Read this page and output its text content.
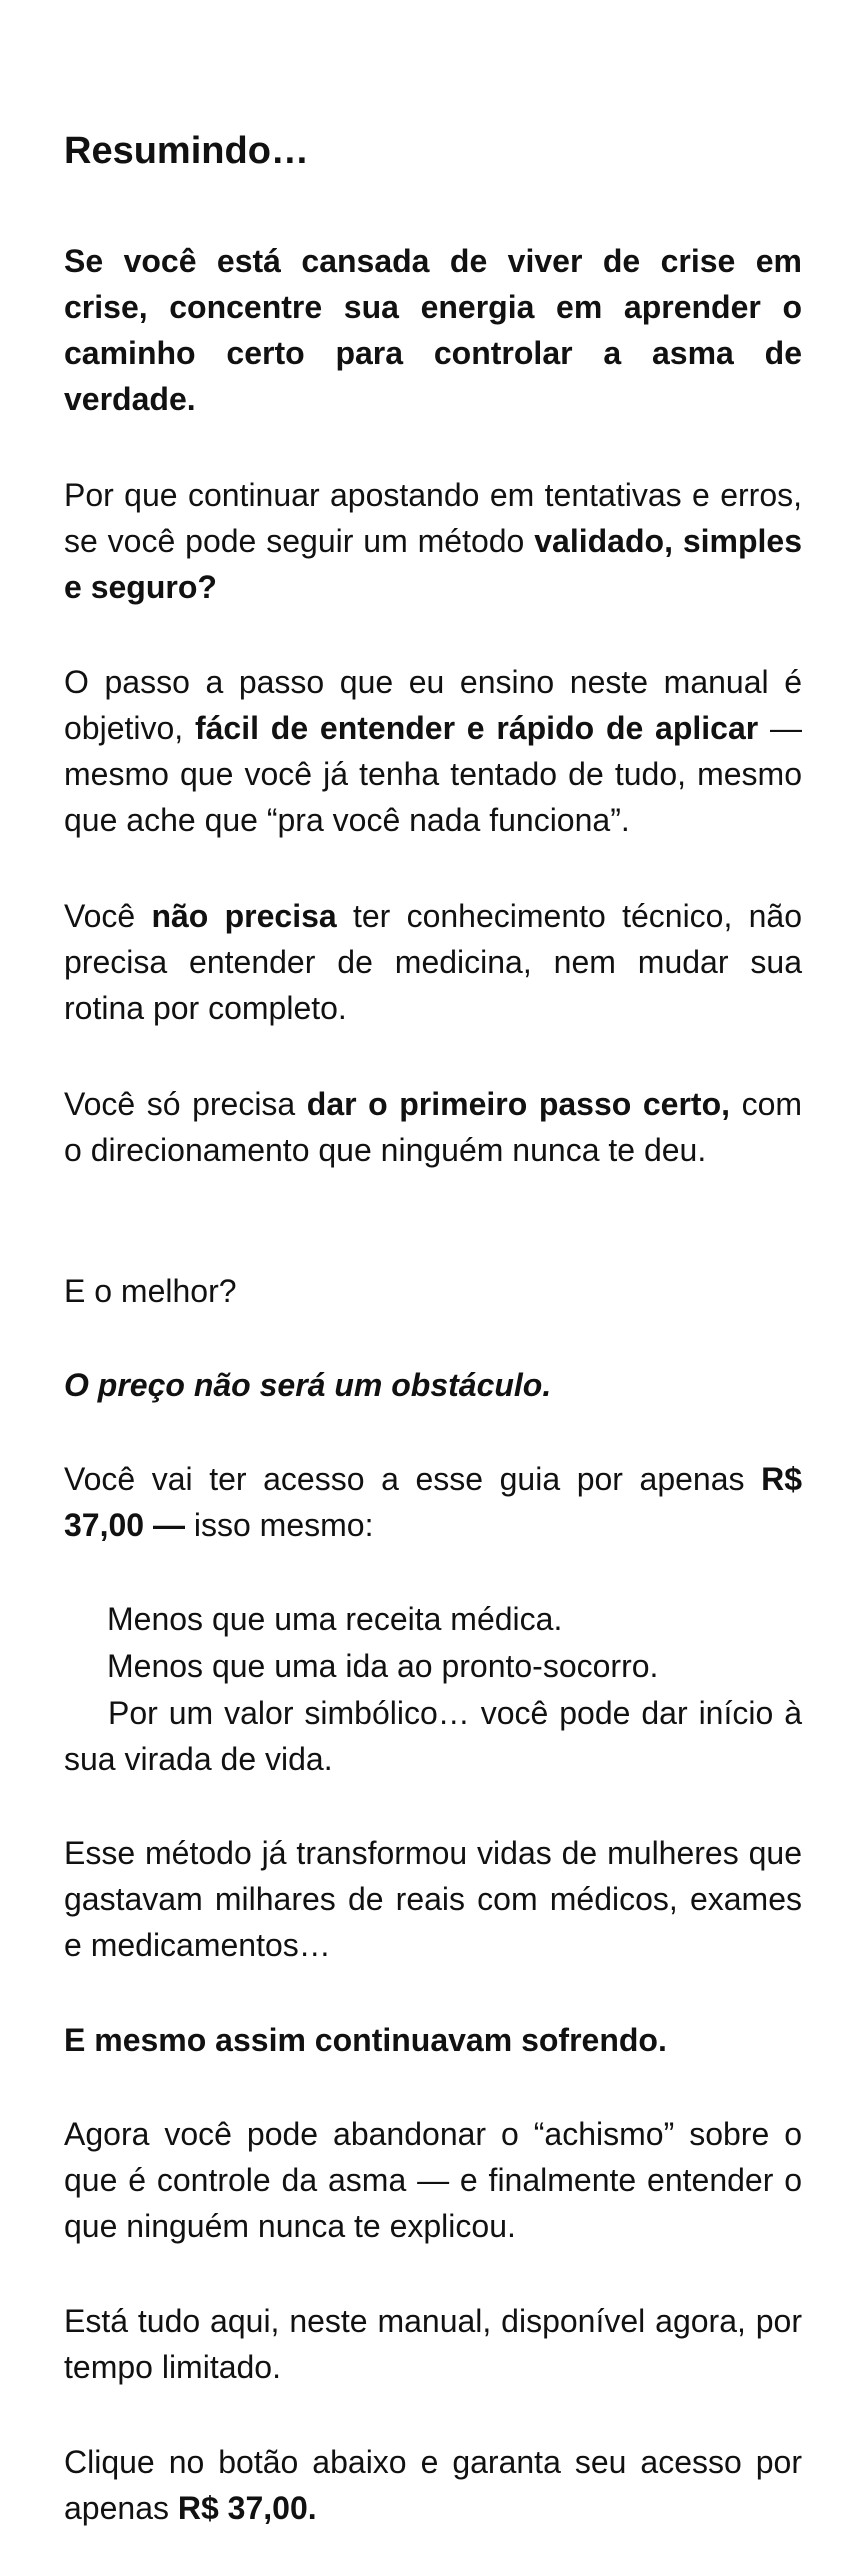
Resumindo…

Se você está cansada de viver de crise em crise, concentre sua energia em aprender o caminho certo para controlar a asma de verdade.

Por que continuar apostando em tentativas e erros, se você pode seguir um método validado, simples e seguro?

O passo a passo que eu ensino neste manual é objetivo, fácil de entender e rápido de aplicar — mesmo que você já tenha tentado de tudo, mesmo que ache que “pra você nada funciona”.

Você não precisa ter conhecimento técnico, não precisa entender de medicina, nem mudar sua rotina por completo.

Você só precisa dar o primeiro passo certo, com o direcionamento que ninguém nunca te deu.

E o melhor?

O preço não será um obstáculo.

Você vai ter acesso a esse guia por apenas R$ 37,00 — isso mesmo:

Menos que uma receita médica.

Menos que uma ida ao pronto-socorro.

Por um valor simbólico… você pode dar início à sua virada de vida.

Esse método já transformou vidas de mulheres que gastavam milhares de reais com médicos, exames e medicamentos…

E mesmo assim continuavam sofrendo.

Agora você pode abandonar o “achismo” sobre o que é controle da asma — e finalmente entender o que ninguém nunca te explicou.

Está tudo aqui, neste manual, disponível agora, por tempo limitado.

Clique no botão abaixo e garanta seu acesso por apenas R$ 37,00.
